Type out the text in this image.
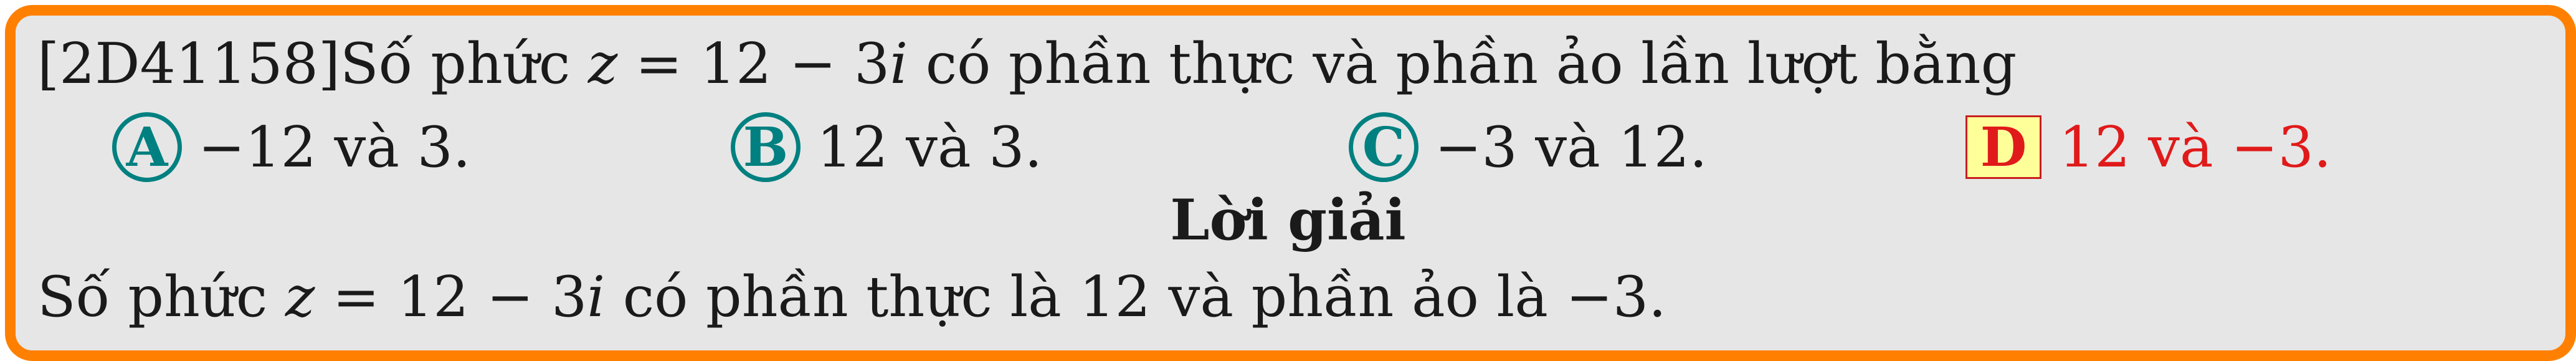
[2D41158]Số phức z = 12 − 3i có phần thực và phần ảo lần lượt bằng
A −12 và 3.	B 12 và 3.	C −3 và 12.	D 12 và −3.
Lời giải
Số phức z = 12 − 3i có phần thực là 12 và phần ảo là −3.
